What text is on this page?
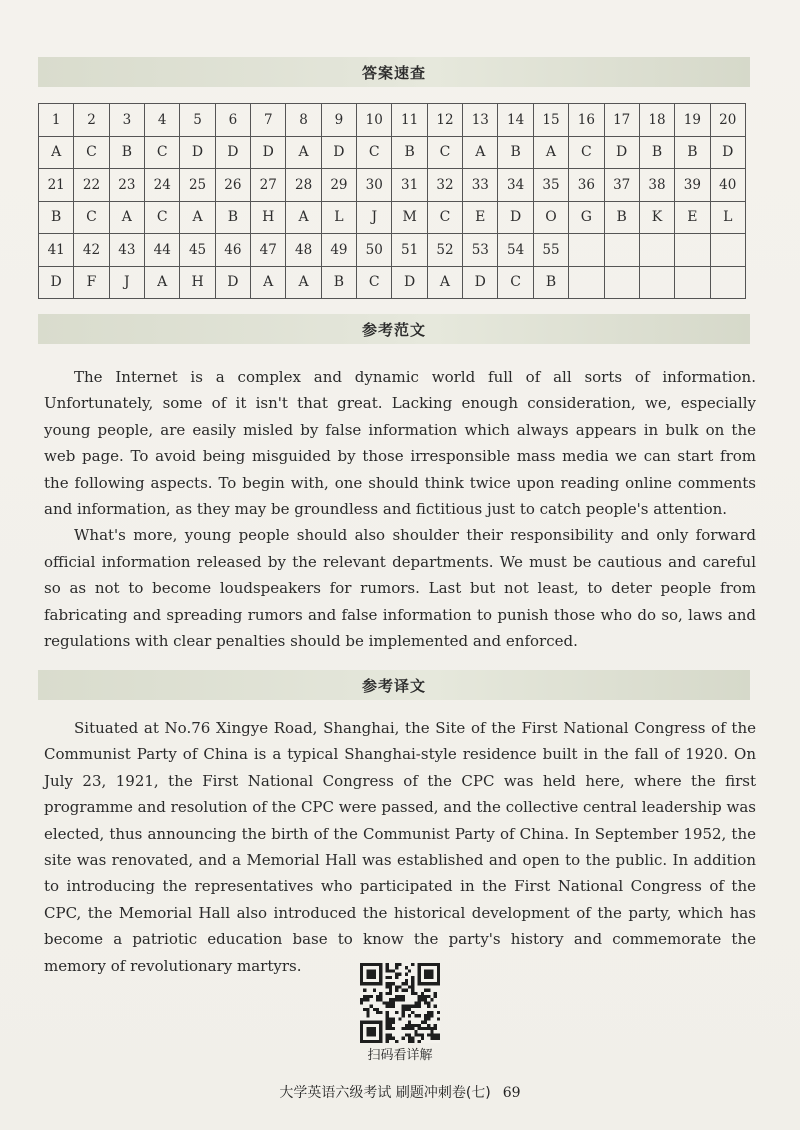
答案速查
1	2	3	4	5	6	7	8	9	10	11	12	13	14	15	16	17	18	19	20
A	C	B	C	D	D	D	A	D	C	B	C	A	B	A	C	D	B	B	D
21	22	23	24	25	26	27	28	29	30	31	32	33	34	35	36	37	38	39	40
B	C	A	C	A	B	H	A	L	J	M	C	E	D	O	G	B	K	E	L
41	42	43	44	45	46	47	48	49	50	51	52	53	54	55					
D	F	J	A	H	D	A	A	B	C	D	A	D	C	B					
参考范文

The Internet is a complex and dynamic world full of all sorts of information. Unfortunately, some of it isn't that great. Lacking enough consideration, we, especially young people, are easily misled by false information which always appears in bulk on the web page. To avoid being misguided by those irresponsible mass media we can start from the following aspects. To begin with, one should think twice upon reading online comments and information, as they may be groundless and fictitious just to catch people's attention.

What's more, young people should also shoulder their responsibility and only forward official information released by the relevant departments. We must be cautious and careful so as not to become loudspeakers for rumors. Last but not least, to deter people from fabricating and spreading rumors and false information to punish those who do so, laws and regulations with clear penalties should be implemented and enforced.

参考译文

Situated at No.76 Xingye Road, Shanghai, the Site of the First National Congress of the Communist Party of China is a typical Shanghai-style residence built in the fall of 1920. On July 23, 1921, the First National Congress of the CPC was held here, where the first programme and resolution of the CPC were passed, and the collective central leadership was elected, thus announcing the birth of the Communist Party of China. In September 1952, the site was renovated, and a Memorial Hall was established and open to the public. In addition to introducing the representatives who participated in the First National Congress of the CPC, the Memorial Hall also introduced the historical development of the party, which has become a patriotic education base to know the party's history and commemorate the memory of revolutionary martyrs.

扫码看详解
大学英语六级考试 刷题冲刺卷(七) 69
